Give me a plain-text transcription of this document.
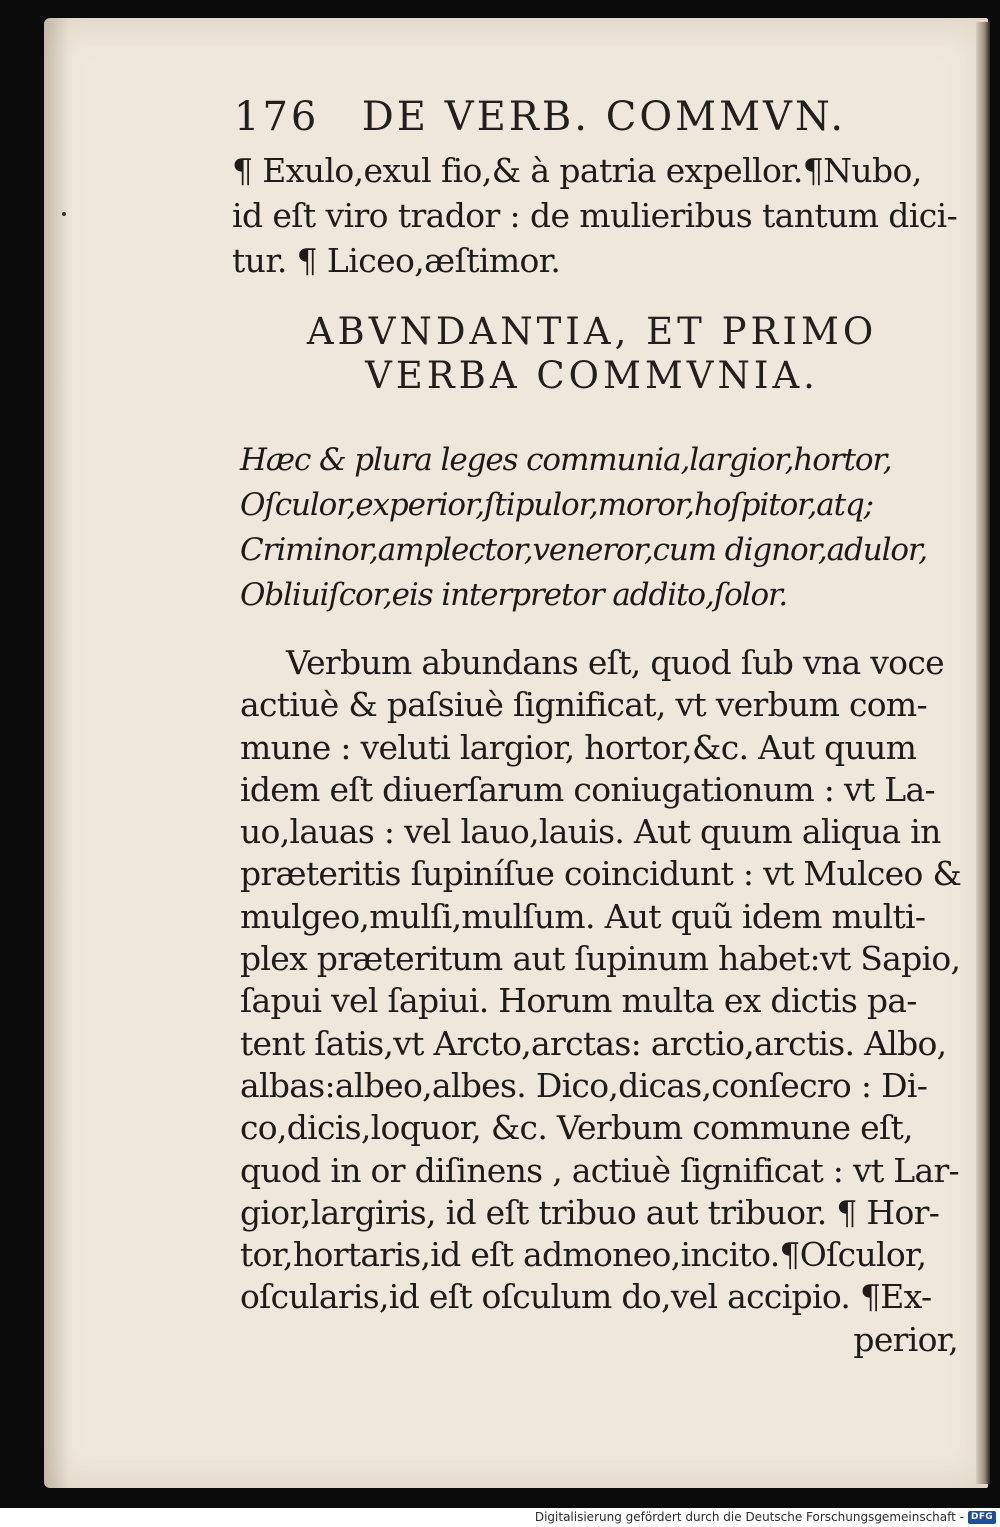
176 DE VERB. COMMVN.
¶ Exulo,exul fio,& à patria expellor.¶Nubo,
id eſt viro trador : de mulieribus tantum dici-
tur. ¶ Liceo,æſtimor.
ABVNDANTIA, ET PRIMO
VERBA COMMVNIA.
Hæc & plura leges communia,largior,hortor,
Oſculor,experior,ſtipulor,moror,hoſpitor,atq;
Criminor,amplector,veneror,cum dignor,adulor,
Obliuiſcor,eis interpretor addito,ſolor.
Verbum abundans eſt, quod ſub vna voce
actiuè & paſsiuè ſignificat, vt verbum com-
mune : veluti largior, hortor,&c. Aut quum
idem eſt diuerſarum coniugationum : vt La-
uo,lauas : vel lauo,lauis. Aut quum aliqua in
præteritis ſupiníſue coincidunt : vt Mulceo &
mulgeo,mulſi,mulſum. Aut quũ idem multi-
plex præteritum aut ſupinum habet:vt Sapio,
ſapui vel ſapiui. Horum multa ex dictis pa-
tent ſatis,vt Arcto,arctas: arctio,arctis. Albo,
albas:albeo,albes. Dico,dicas,conſecro : Di-
co,dicis,loquor, &c. Verbum commune eſt,
quod in or diſinens , actiuè ſignificat : vt Lar-
gior,largiris, id eſt tribuo aut tribuor. ¶ Hor-
tor,hortaris,id eſt admoneo,incito.¶Oſculor,
oſcularis,id eſt oſculum do,vel accipio. ¶Ex-
perior,
Digitalisierung gefördert durch die Deutsche Forschungsgemeinschaft - DFG
